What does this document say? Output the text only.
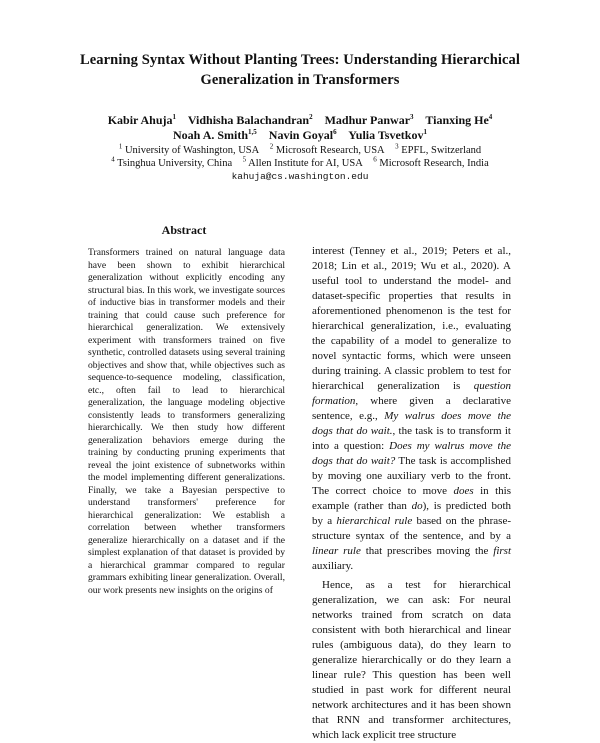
Learning Syntax Without Planting Trees: Understanding Hierarchical Generalization in Transformers
Kabir Ahuja$^1$ Vidhisha Balachandran$^2$ Madhur Panwar$^3$ Tianxing He$^4$
Noah A. Smith$^{1,5}$ Navin Goyal$^6$ Yulia Tsvetkov$^1$
$^1$ University of Washington, USA $^2$ Microsoft Research, USA $^3$ EPFL, Switzerland
$^4$ Tsinghua University, China $^5$ Allen Institute for AI, USA $^6$ Microsoft Research, India
kahuja@cs.washington.edu
Abstract
Transformers trained on natural language data have been shown to exhibit hierarchical generalization without explicitly encoding any structural bias. In this work, we investigate sources of inductive bias in transformer models and their training that could cause such preference for hierarchical generalization. We extensively experiment with transformers trained on five synthetic, controlled datasets using several training objectives and show that, while objectives such as sequence-to-sequence modeling, classification, etc., often fail to lead to hierarchical generalization, the language modeling objective consistently leads to transformers generalizing hierarchically. We then study how different generalization behaviors emerge during the training by conducting pruning experiments that reveal the joint existence of subnetworks within the model implementing different generalizations. Finally, we take a Bayesian perspective to understand transformers' preference for hierarchical generalization: We establish a correlation between whether transformers generalize hierarchically on a dataset and if the simplest explanation of that dataset is provided by a hierarchical grammar compared to regular grammars exhibiting linear generalization. Overall, our work presents new insights on the origins of

interest (Tenney et al., 2019; Peters et al., 2018; Lin et al., 2019; Wu et al., 2020). A useful tool to understand the model- and dataset-specific properties that results in aforementioned phenomenon is the test for hierarchical generalization, i.e., evaluating the capability of a model to generalize to novel syntactic forms, which were unseen during training. A classic problem to test for hierarchical generalization is question formation, where given a declarative sentence, e.g., My walrus does move the dogs that do wait., the task is to transform it into a question: Does my walrus move the dogs that do wait? The task is accomplished by moving one auxiliary verb to the front. The correct choice to move does in this example (rather than do), is predicted both by a hierarchical rule based on the phrase-structure syntax of the sentence, and by a linear rule that prescribes moving the first auxiliary.

Hence, as a test for hierarchical generalization, we can ask: For neural networks trained from scratch on data consistent with both hierarchical and linear rules (ambiguous data), do they learn to generalize hierarchically or do they learn a linear rule? This question has been well studied in past work for different neural network architectures and it has been shown that RNN and transformer architectures, which lack explicit tree structure
